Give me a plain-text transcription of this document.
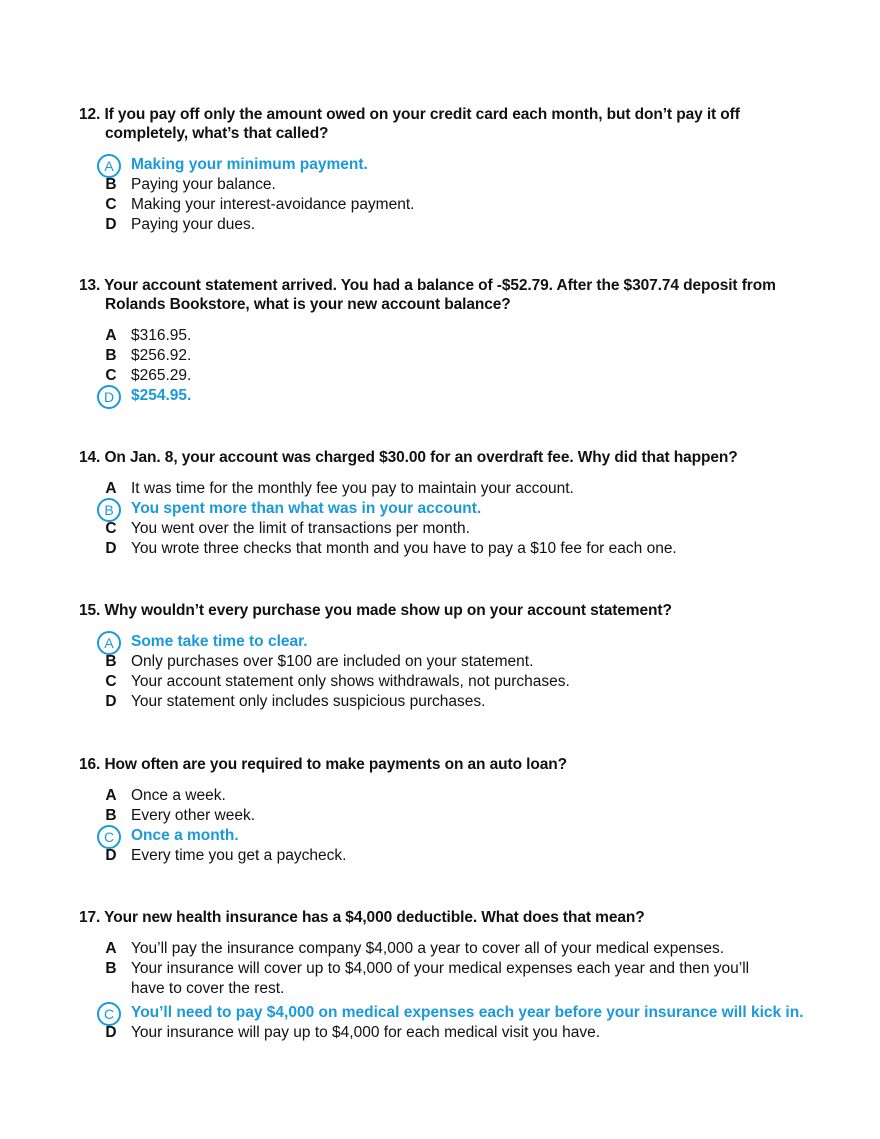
12. If you pay off only the amount owed on your credit card each month, but don’t pay it off completely, what’s that called?

A	Making your minimum payment.
B Paying your balance.
C Making your interest-avoidance payment.
D Paying your dues.

13. Your account statement arrived. You had a balance of -$52.79. After the $307.74 deposit from Rolands Bookstore, what is your new account balance?

A $316.95.
B $256.92.
C $265.29.
D	$254.95.

14. On Jan. 8, your account was charged $30.00 for an overdraft fee. Why did that happen?

A It was time for the monthly fee you pay to maintain your account.
B	You spent more than what was in your account.
C You went over the limit of transactions per month.
D You wrote three checks that month and you have to pay a $10 fee for each one.

15. Why wouldn’t every purchase you made show up on your account statement?

A	Some take time to clear.
B Only purchases over $100 are included on your statement.
C Your account statement only shows withdrawals, not purchases.
D Your statement only includes suspicious purchases.

16. How often are you required to make payments on an auto loan?

A Once a week.
B Every other week.
C	Once a month.
D Every time you get a paycheck.

17. Your new health insurance has a $4,000 deductible. What does that mean?

A You’ll pay the insurance company $4,000 a year to cover all of your medical expenses.
B Your insurance will cover up to $4,000 of your medical expenses each year and then you’ll have to cover the rest.
C	You’ll need to pay $4,000 on medical expenses each year before your insurance will kick in.
D Your insurance will pay up to $4,000 for each medical visit you have.
